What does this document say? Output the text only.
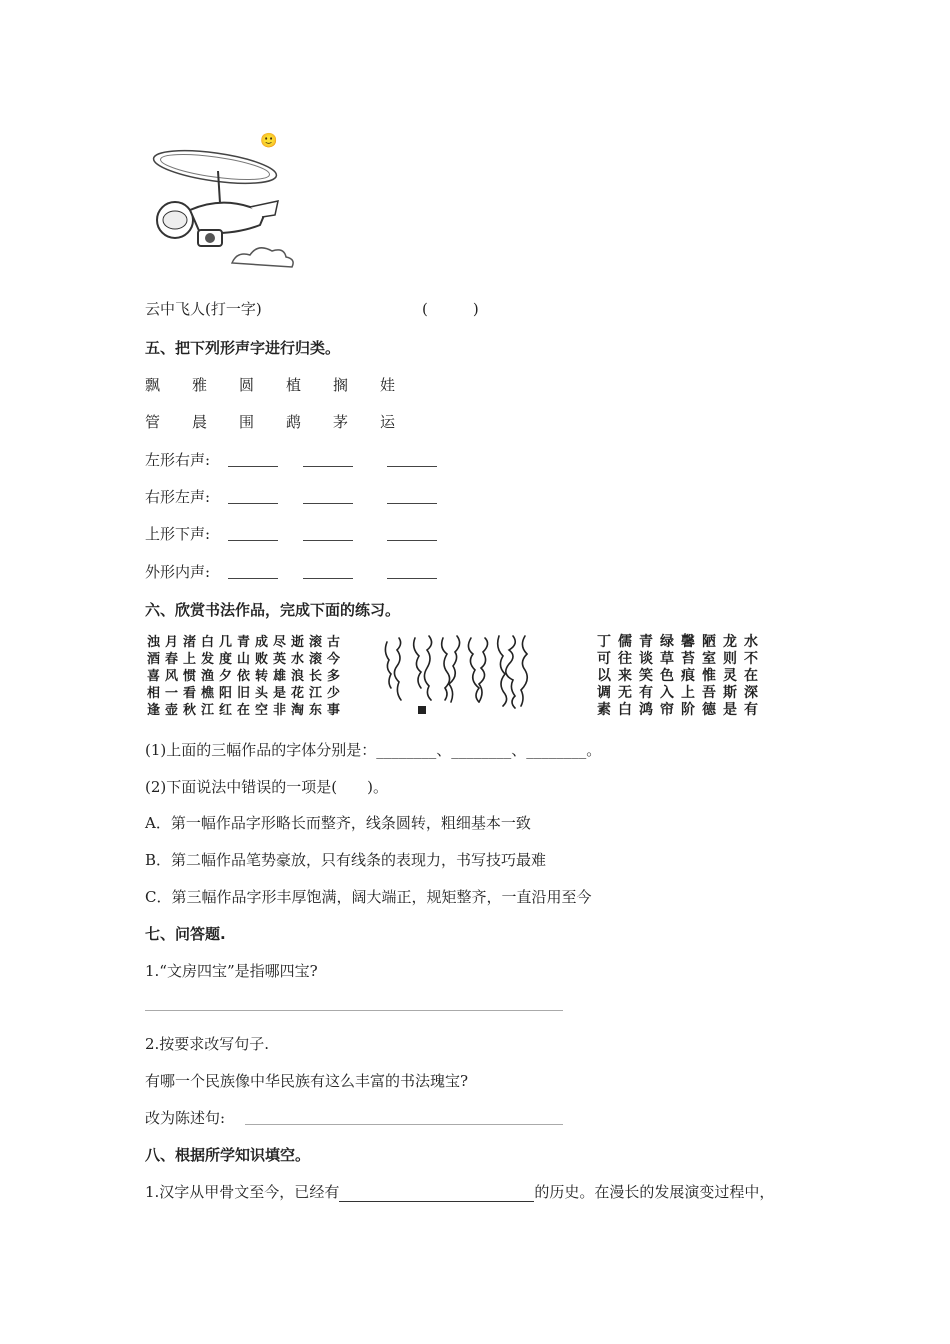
🙂
云中飞人(打一字)	(　　　)
五、把下列形声字进行归类。
飘 雅 圆 植 搁 娃
管 晨 围 鹉 茅 运
左形右声:
右形左声:
上形下声:
外形内声:
六、欣赏书法作品，完成下面的练习。
古
今
多
少
事
滚
滚
长
江
东
逝
水
浪
花
淘
尽
英
雄
是
非
成
败
转
头
空
青
山
依
旧
在
几
度
夕
阳
红
白
发
渔
樵
江
渚
上
惯
看
秋
月
春
风
一
壶
浊
酒
喜
相
逢
水
不
在
深
有
龙
则
灵
斯
是
陋
室
惟
吾
德
馨
苔
痕
上
阶
绿
草
色
入
帘
青
谈
笑
有
鸿
儒
往
来
无
白
丁
可
以
调
素
(1)上面的三幅作品的字体分别是：________、________、________。
(2)下面说法中错误的一项是(　　)。
A．第一幅作品字形略长而整齐，线条圆转，粗细基本一致
B．第二幅作品笔势豪放，只有线条的表现力，书写技巧最难
C．第三幅作品字形丰厚饱满，阔大端正，规矩整齐，一直沿用至今
七、问答题.
1.“文房四宝”是指哪四宝?
2.按要求改写句子.
有哪一个民族像中华民族有这么丰富的书法瑰宝?
改为陈述句:
八、根据所学知识填空。
1.汉字从甲骨文至今，已经有	的历史。在漫长的发展演变过程中，
